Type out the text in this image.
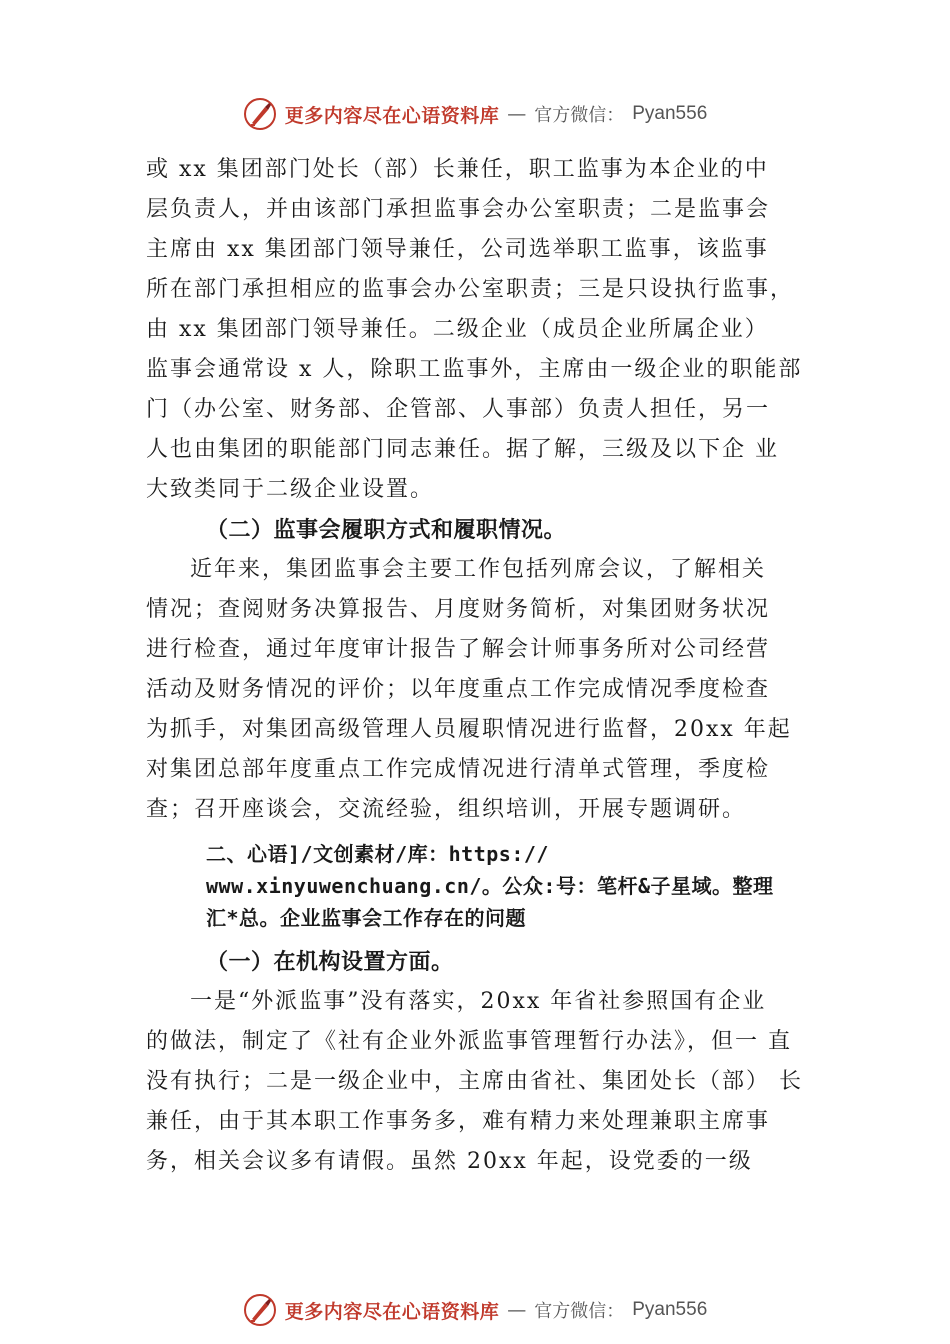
更多内容尽在心语资料库 — 官方微信： Pyan556
或 xx 集团部门处长（部）长兼任，职工监事为本企业的中
层负责人，并由该部门承担监事会办公室职责；二是监事会
主席由 xx 集团部门领导兼任，公司选举职工监事，该监事
所在部门承担相应的监事会办公室职责；三是只设执行监事，
由 xx 集团部门领导兼任。二级企业（成员企业所属企业）
监事会通常设 x 人，除职工监事外，主席由一级企业的职能部
门（办公室、财务部、企管部、人事部）负责人担任，另一
人也由集团的职能部门同志兼任。据了解，三级及以下企 业
大致类同于二级企业设置。
（二）监事会履职方式和履职情况。
近年来，集团监事会主要工作包括列席会议，了解相关
情况；查阅财务决算报告、月度财务简析，对集团财务状况
进行检查，通过年度审计报告了解会计师事务所对公司经营
活动及财务情况的评价；以年度重点工作完成情况季度检查
为抓手，对集团高级管理人员履职情况进行监督，20xx 年起
对集团总部年度重点工作完成情况进行清单式管理，季度检
查；召开座谈会，交流经验，组织培训，开展专题调研。
二、心语]/文创素材/库：https://
www.xinyuwenchuang.cn/。公众:号：笔杆&子星域。整理
汇*总。企业监事会工作存在的问题
（一）在机构设置方面。
一是“外派监事”没有落实，20xx 年省社参照国有企业
的做法，制定了《社有企业外派监事管理暂行办法》，但一 直
没有执行；二是一级企业中，主席由省社、集团处长（部） 长
兼任，由于其本职工作事务多，难有精力来处理兼职主席事
务，相关会议多有请假。虽然 20xx 年起，设党委的一级
更多内容尽在心语资料库 — 官方微信： Pyan556
